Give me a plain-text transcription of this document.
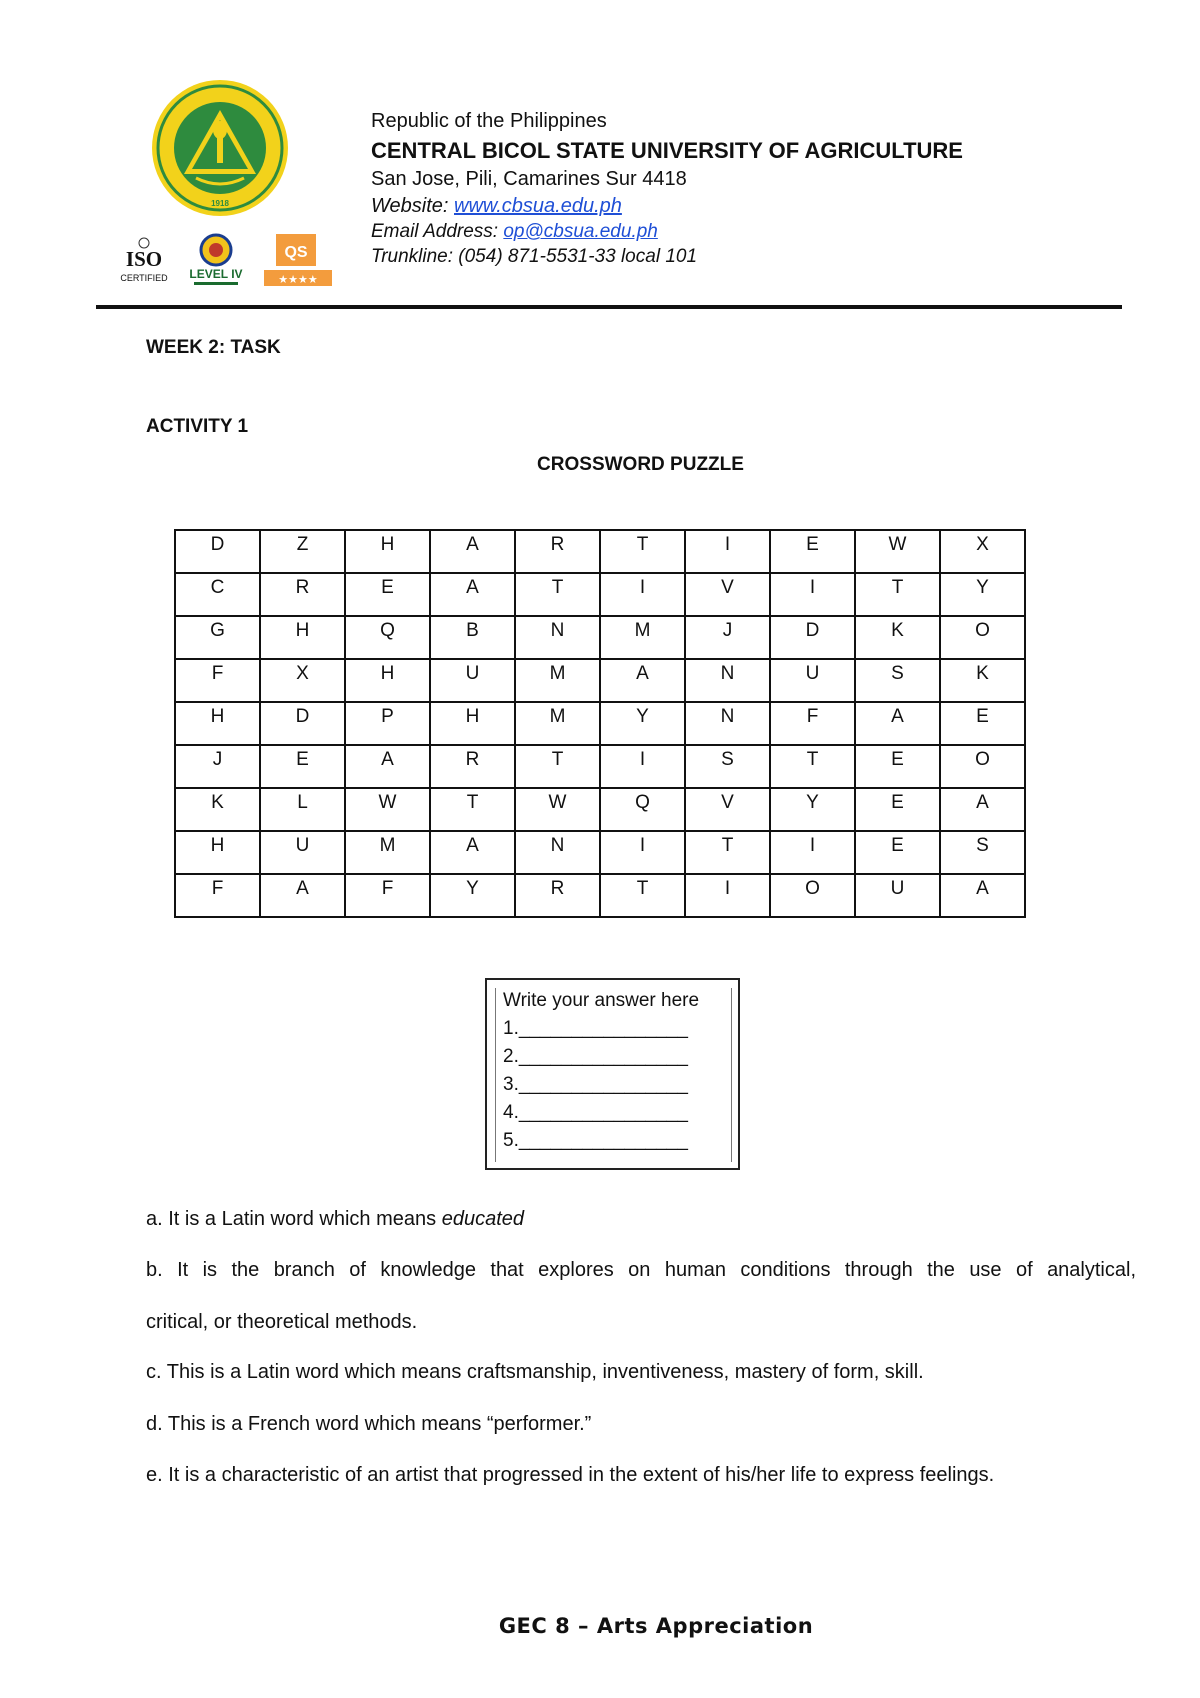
1918
ISO
CERTIFIED LEVEL IV
QS
★★★★
Republic of the Philippines
CENTRAL BICOL STATE UNIVERSITY OF AGRICULTURE
San Jose, Pili, Camarines Sur 4418
Website: www.cbsua.edu.ph
Email Address: op@cbsua.edu.ph
Trunkline: (054) 871-5531-33 local 101
WEEK 2: TASK
ACTIVITY 1
CROSSWORD PUZZLE
D	Z	H	A	R	T	I	E	W	X
C	R	E	A	T	I	V	I	T	Y
G	H	Q	B	N	M	J	D	K	O
F	X	H	U	M	A	N	U	S	K
H	D	P	H	M	Y	N	F	A	E
J	E	A	R	T	I	S	T	E	O
K	L	W	T	W	Q	V	Y	E	A
H	U	M	A	N	I	T	I	E	S
F	A	F	Y	R	T	I	O	U	A
Write your answer here
1.________________
2.________________
3.________________
4.________________
5.________________
a. It is a Latin word which means educated
b. It is the branch of knowledge that explores on human conditions through the use of analytical,
critical, or theoretical methods.
c. This is a Latin word which means craftsmanship, inventiveness, mastery of form, skill.
d. This is a French word which means “performer.”
e. It is a characteristic of an artist that progressed in the extent of his/her life to express feelings.
GEC 8 – Arts Appreciation
